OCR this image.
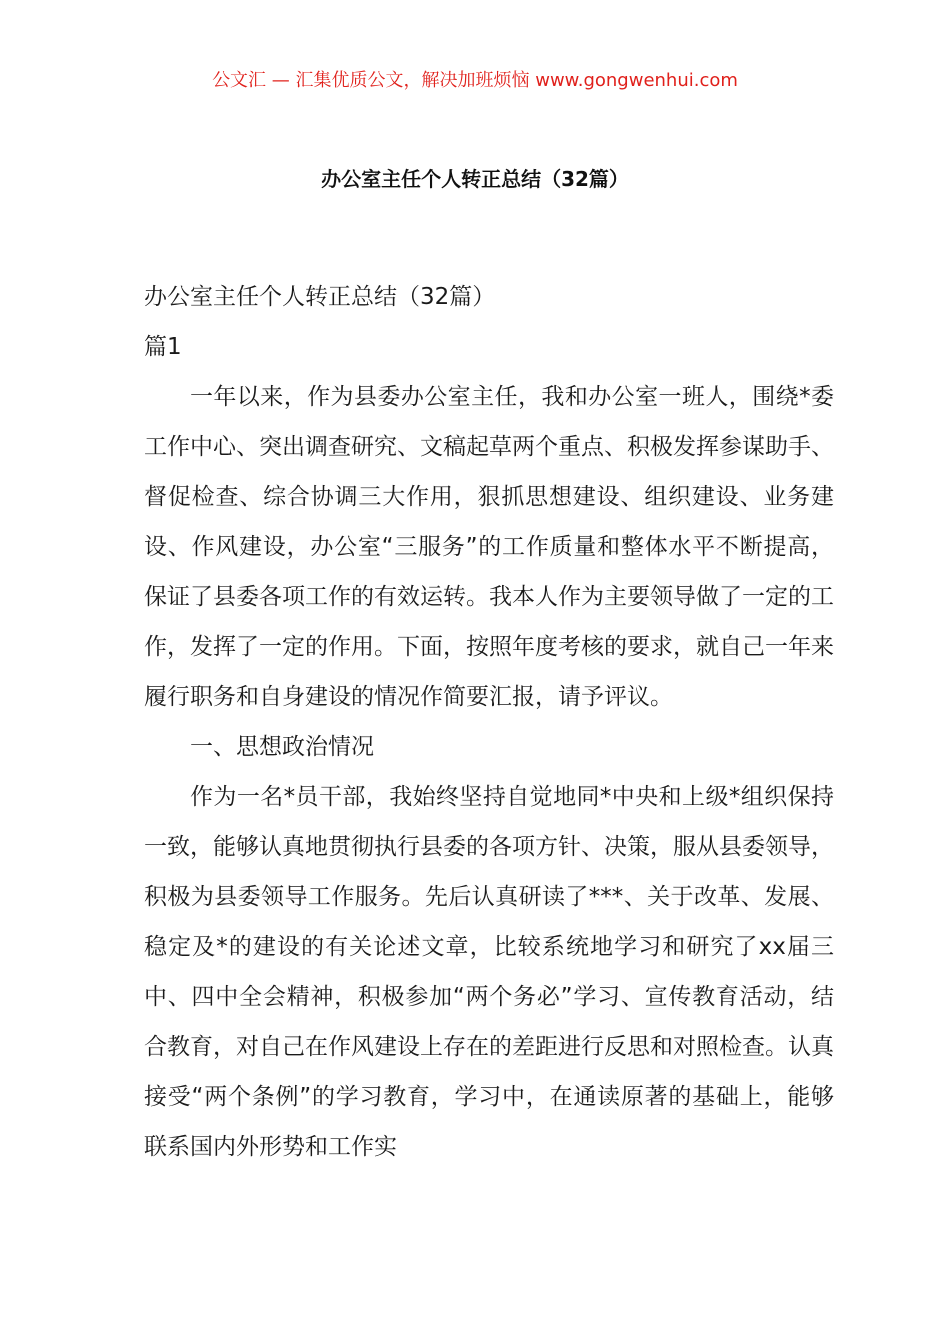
公文汇 — 汇集优质公文，解决加班烦恼 www.gongwenhui.com
办公室主任个人转正总结（32篇）

办公室主任个人转正总结（32篇）

篇1

一年以来，作为县委办公室主任，我和办公室一班人，围绕*委工作中心、突出调查研究、文稿起草两个重点、积极发挥参谋助手、督促检查、综合协调三大作用，狠抓思想建设、组织建设、业务建设、作风建设，办公室“三服务”的工作质量和整体水平不断提高，保证了县委各项工作的有效运转。我本人作为主要领导做了一定的工作，发挥了一定的作用。下面，按照年度考核的要求，就自己一年来履行职务和自身建设的情况作简要汇报，请予评议。

一、思想政治情况

作为一名*员干部，我始终坚持自觉地同*中央和上级*组织保持一致，能够认真地贯彻执行县委的各项方针、决策，服从县委领导，积极为县委领导工作服务。先后认真研读了***、关于改革、发展、稳定及*的建设的有关论述文章，比较系统地学习和研究了xx届三中、四中全会精神，积极参加“两个务必”学习、宣传教育活动，结合教育，对自己在作风建设上存在的差距进行反思和对照检查。认真接受“两个条例”的学习教育，学习中，在通读原著的基础上，能够联系国内外形势和工作实
